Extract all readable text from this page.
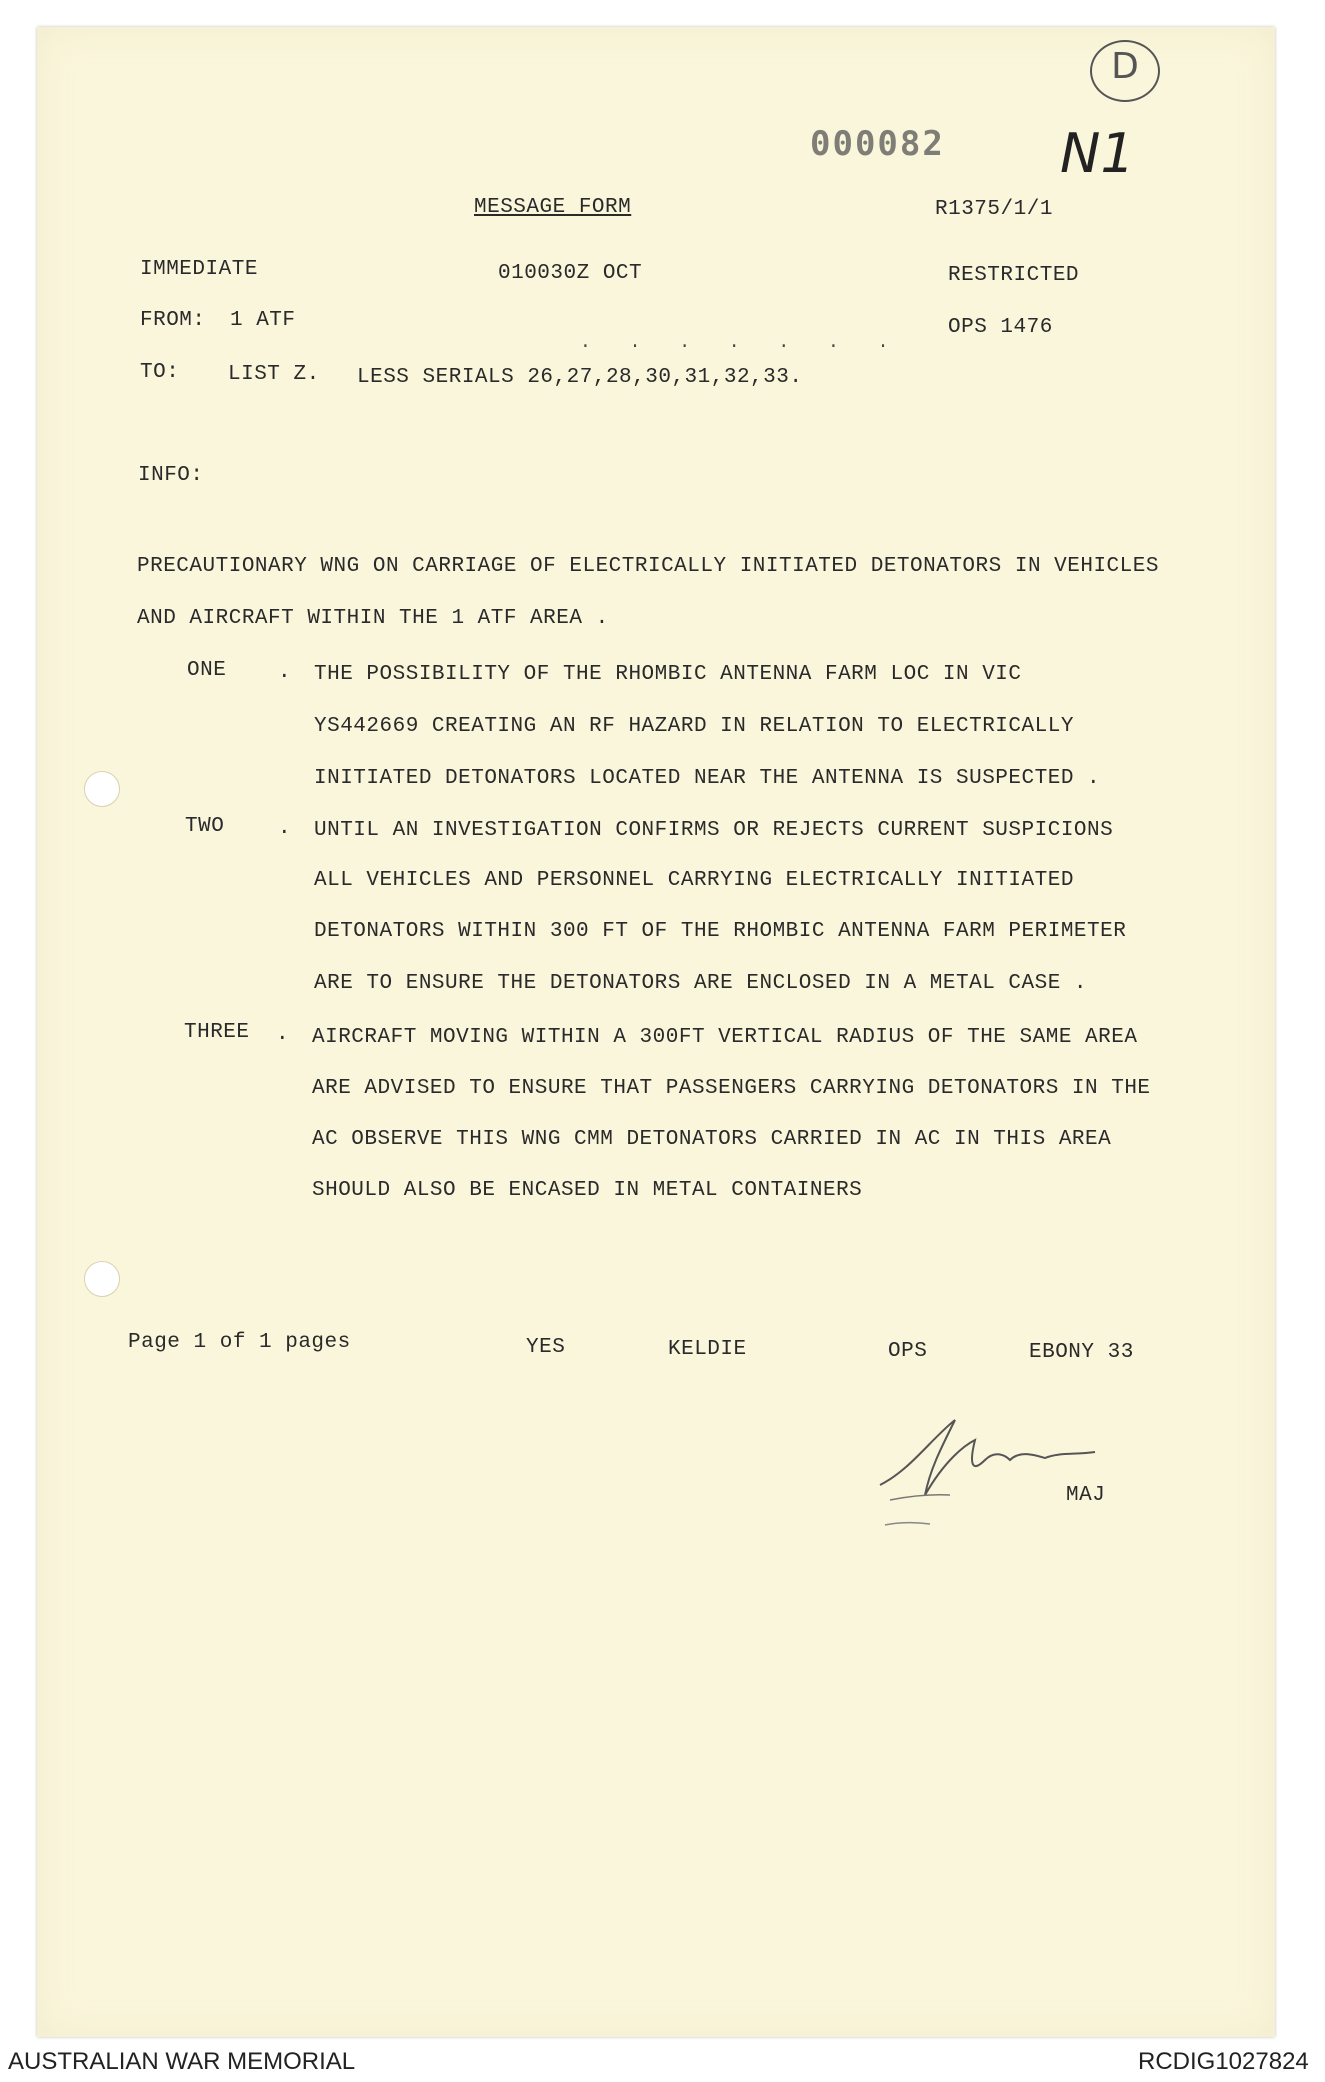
D
N1
000082
MESSAGE FORM	R1375/1/1
IMMEDIATE	010030Z OCT	RESTRICTED
FROM: 1 ATF	OPS 1476
· · · · · · ·
TO: LIST Z. LESS SERIALS 26,27,28,30,31,32,33.
INFO:
PRECAUTIONARY WNG ON CARRIAGE OF ELECTRICALLY INITIATED DETONATORS IN VEHICLES
AND AIRCRAFT WITHIN THE 1 ATF AREA .
ONE . THE POSSIBILITY OF THE RHOMBIC ANTENNA FARM LOC IN VIC
YS442669 CREATING AN RF HAZARD IN RELATION TO ELECTRICALLY
INITIATED DETONATORS LOCATED NEAR THE ANTENNA IS SUSPECTED .
TWO	. UNTIL AN INVESTIGATION CONFIRMS OR REJECTS CURRENT SUSPICIONS
ALL VEHICLES AND PERSONNEL CARRYING ELECTRICALLY INITIATED
DETONATORS WITHIN 300 FT OF THE RHOMBIC ANTENNA FARM PERIMETER
ARE TO ENSURE THE DETONATORS ARE ENCLOSED IN A METAL CASE .
THREE . AIRCRAFT MOVING WITHIN A 300FT VERTICAL RADIUS OF THE SAME AREA
ARE ADVISED TO ENSURE THAT PASSENGERS CARRYING DETONATORS IN THE
AC OBSERVE THIS WNG CMM DETONATORS CARRIED IN AC IN THIS AREA
SHOULD ALSO BE ENCASED IN METAL CONTAINERS
Page 1 of 1 pages	YES	KELDIE	OPS	EBONY 33
MAJ
AUSTRALIAN WAR MEMORIAL	RCDIG1027824
